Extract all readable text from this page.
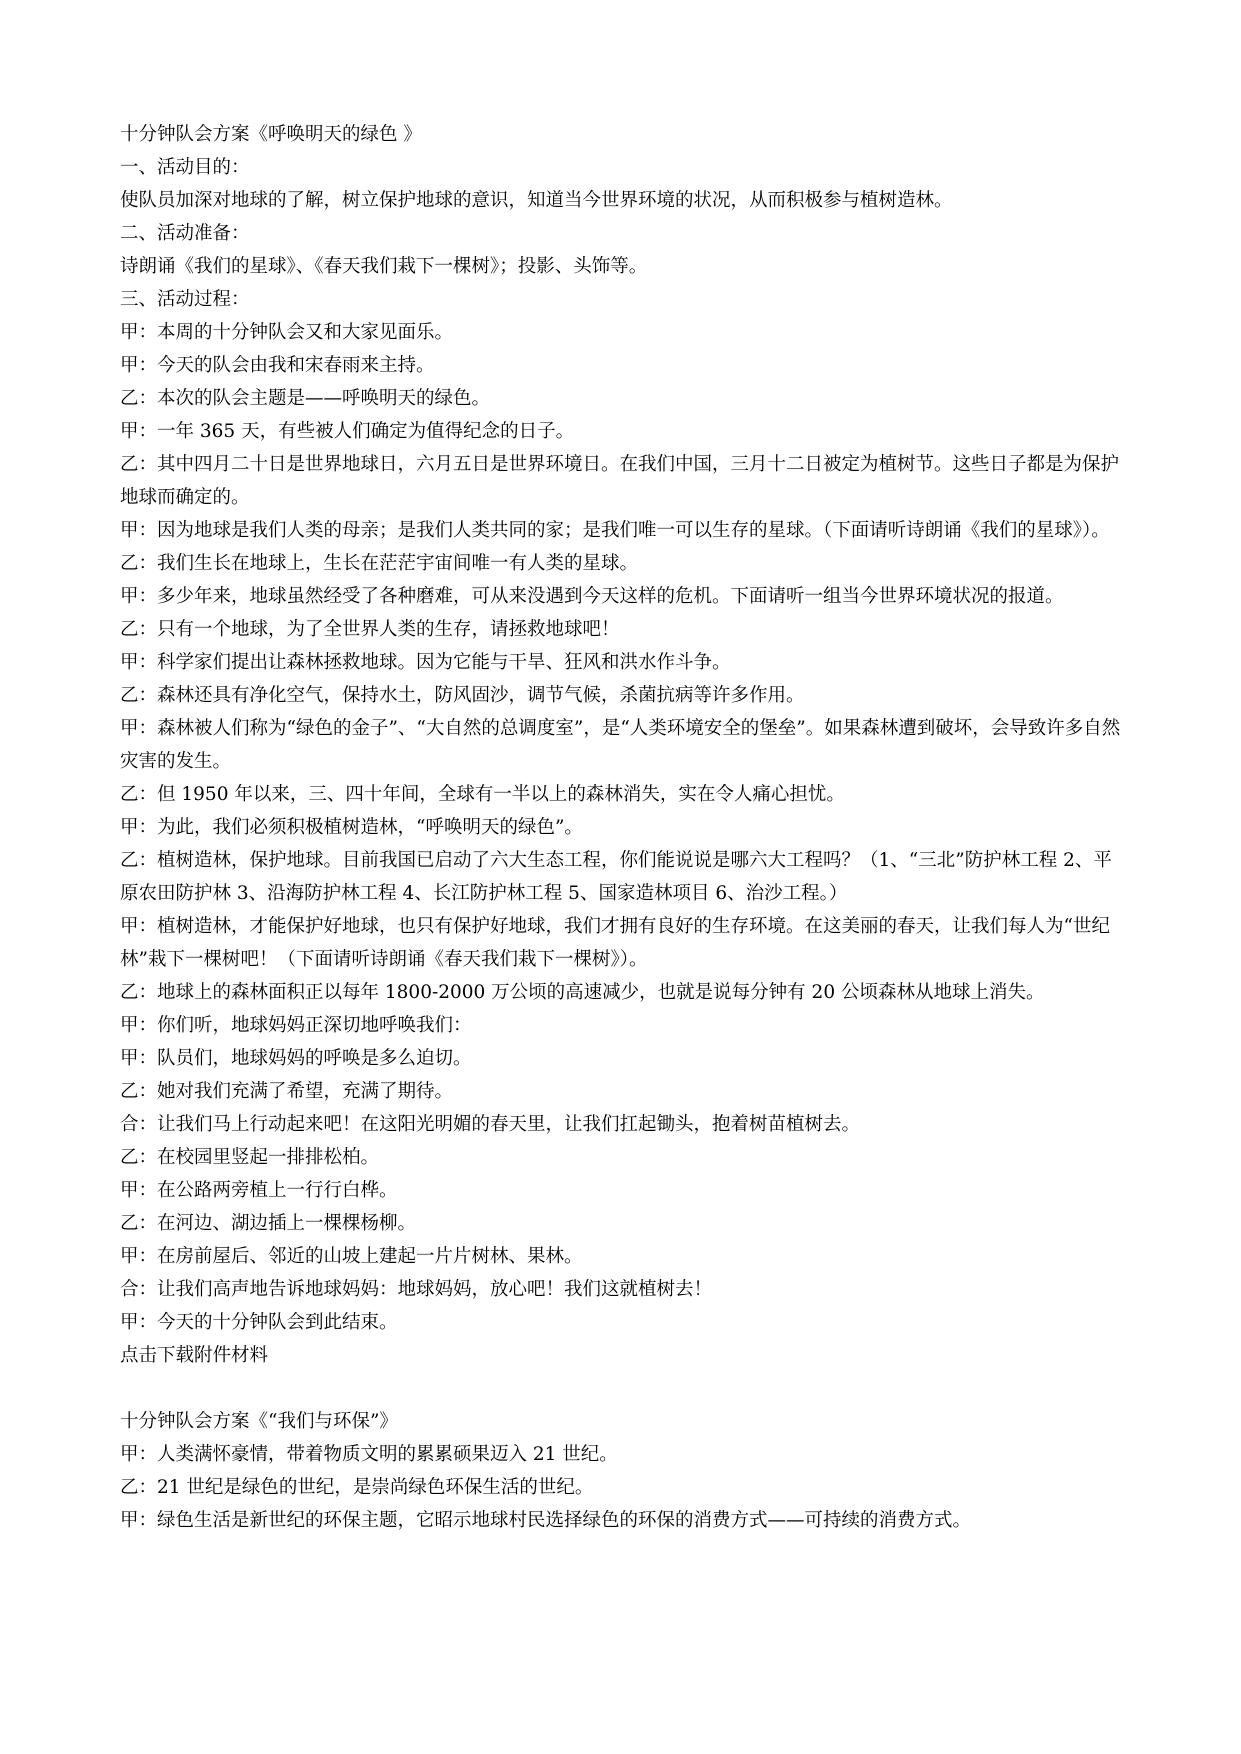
十分钟队会方案《呼唤明天的绿色 》

一、活动目的：

使队员加深对地球的了解，树立保护地球的意识，知道当今世界环境的状况，从而积极参与植树造林。

二、活动准备：

诗朗诵《我们的星球》、《春天我们栽下一棵树》；投影、头饰等。

三、活动过程：

甲：本周的十分钟队会又和大家见面乐。

甲：今天的队会由我和宋春雨来主持。

乙：本次的队会主题是——呼唤明天的绿色。

甲：一年 365 天，有些被人们确定为值得纪念的日子。

乙：其中四月二十日是世界地球日，六月五日是世界环境日。在我们中国，三月十二日被定为植树节。这些日子都是为保护地球而确定的。

甲：因为地球是我们人类的母亲；是我们人类共同的家；是我们唯一可以生存的星球。（下面请听诗朗诵《我们的星球》）。

乙：我们生长在地球上，生长在茫茫宇宙间唯一有人类的星球。

甲：多少年来，地球虽然经受了各种磨难，可从来没遇到今天这样的危机。下面请听一组当今世界环境状况的报道。

乙：只有一个地球，为了全世界人类的生存，请拯救地球吧！

甲：科学家们提出让森林拯救地球。因为它能与干旱、狂风和洪水作斗争。

乙：森林还具有净化空气，保持水土，防风固沙，调节气候，杀菌抗病等许多作用。

甲：森林被人们称为“绿色的金子”、“大自然的总调度室”，是“人类环境安全的堡垒”。如果森林遭到破坏，会导致许多自然灾害的发生。

乙：但 1950 年以来，三、四十年间，全球有一半以上的森林消失，实在令人痛心担忧。

甲：为此，我们必须积极植树造林，“呼唤明天的绿色”。

乙：植树造林，保护地球。目前我国已启动了六大生态工程，你们能说说是哪六大工程吗？（1、“三北”防护林工程 2、平原农田防护林 3、沿海防护林工程 4、长江防护林工程 5、国家造林项目 6、治沙工程。）

甲：植树造林，才能保护好地球，也只有保护好地球，我们才拥有良好的生存环境。在这美丽的春天，让我们每人为“世纪林”栽下一棵树吧！（下面请听诗朗诵《春天我们栽下一棵树》）。

乙：地球上的森林面积正以每年 1800-2000 万公顷的高速减少，也就是说每分钟有 20 公顷森林从地球上消失。

甲：你们听，地球妈妈正深切地呼唤我们：

甲：队员们，地球妈妈的呼唤是多么迫切。

乙：她对我们充满了希望，充满了期待。

合：让我们马上行动起来吧！在这阳光明媚的春天里，让我们扛起锄头，抱着树苗植树去。

乙：在校园里竖起一排排松柏。

甲：在公路两旁植上一行行白桦。

乙：在河边、湖边插上一棵棵杨柳。

甲：在房前屋后、邻近的山坡上建起一片片树林、果林。

合：让我们高声地告诉地球妈妈：地球妈妈，放心吧！我们这就植树去！

甲：今天的十分钟队会到此结束。

点击下载附件材料

十分钟队会方案《“我们与环保”》

甲：人类满怀豪情，带着物质文明的累累硕果迈入 21 世纪。

乙：21 世纪是绿色的世纪，是崇尚绿色环保生活的世纪。

甲：绿色生活是新世纪的环保主题，它昭示地球村民选择绿色的环保的消费方式——可持续的消费方式。
